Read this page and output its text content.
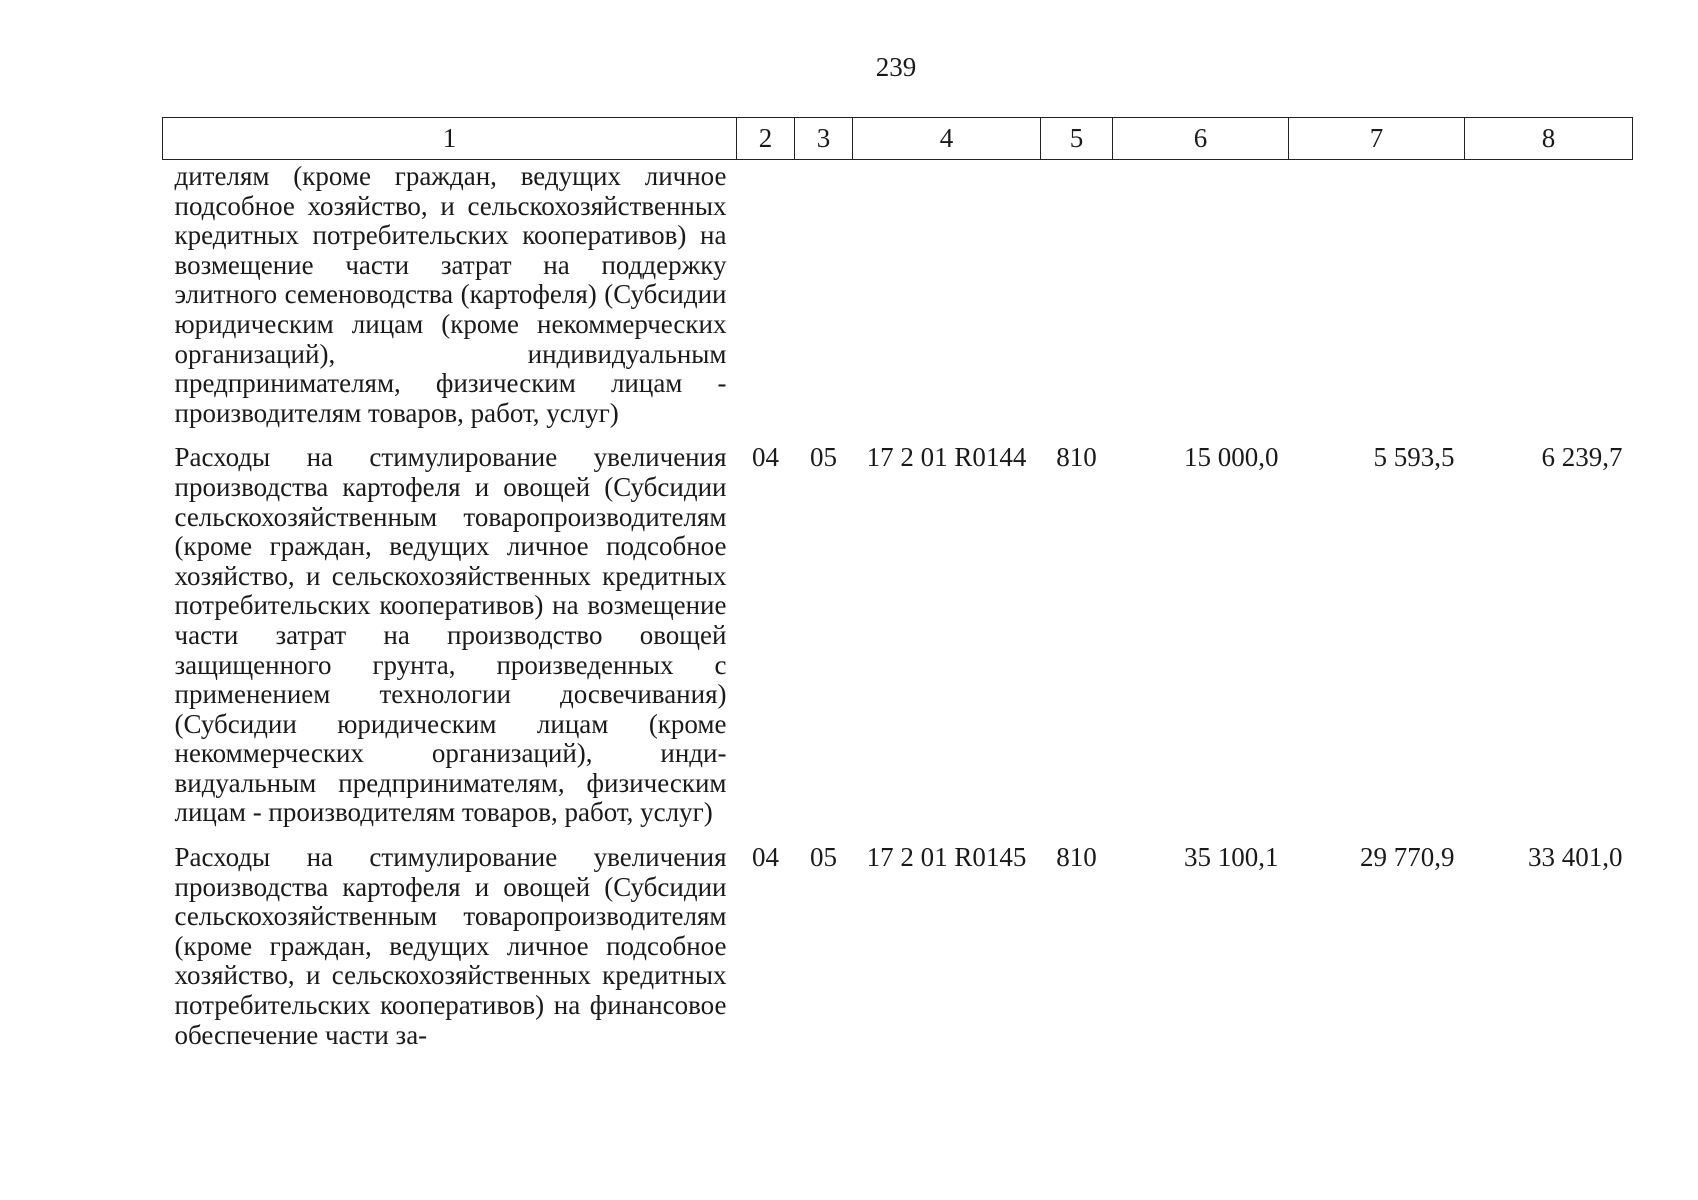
239
1	2	3	4	5	6	7	8
дителям (кроме граждан, ведущих личное подсобное хозяйство, и сельскохозяйственных кредитных потребительских кооперативов) на возмещение части затрат на поддержку элитного семеноводства (картофеля) (Субсидии юридическим лицам (кроме некоммерческих организаций), индивидуальным предпринимателям, физическим лицам - производителям товаров, работ, услуг)							
Расходы на стимулирование увеличения производства картофеля и овощей (Субсидии сельскохозяйственным товаропроизводителям (кроме граждан, ведущих личное подсобное хозяйство, и сельскохозяйственных кредитных потребительских кооперативов) на возмещение части затрат на производство овощей защищенного грунта, произведенных с применением технологии досвечивания) (Субсидии юридическим лицам (кроме некоммерческих организаций), индивидуальным предпринимателям, физическим лицам - производителям товаров, работ, услуг)	04	05	17 2 01 R0144	810	15 000,0	5 593,5	6 239,7
Расходы на стимулирование увеличения производства картофеля и овощей (Субсидии сельскохозяйственным товаропроизводителям (кроме граждан, ведущих личное подсобное хозяйство, и сельскохозяйственных кредитных потребительских кооперативов) на финансовое обеспечение части за-	04	05	17 2 01 R0145	810	35 100,1	29 770,9	33 401,0
